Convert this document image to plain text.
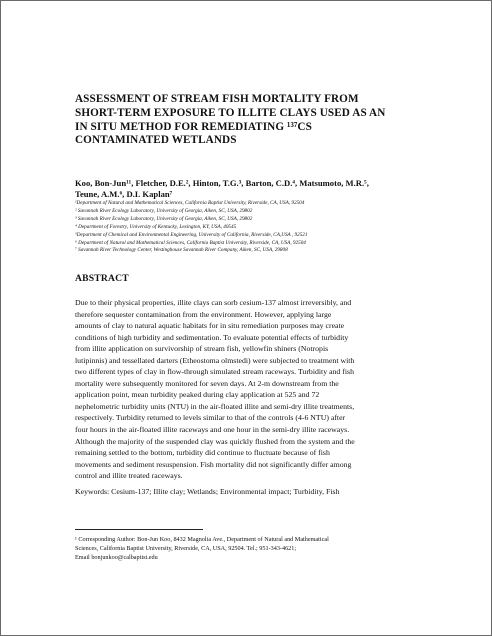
ASSESSMENT OF STREAM FISH MORTALITY FROM
SHORT-TERM EXPOSURE TO ILLITE CLAYS USED AS AN
IN SITU METHOD FOR REMEDIATING ¹³⁷CS
CONTAMINATED WETLANDS
Koo, Bon-Jun¹¹, Fletcher, D.E.², Hinton, T.G.³, Barton, C.D.⁴, Matsumoto, M.R.⁵,
Teune, A.M.⁶, D.I. Kaplan⁷
¹Department of Natural and Mathematical Sciences, California Baptist University, Riverside, CA, USA, 92504
² Savannah River Ecology Laboratory, University of Georgia, Aiken, SC, USA, 29802
³ Savannah River Ecology Laboratory, University of Georgia, Aiken, SC, USA, 29802
⁴ Department of Forestry, University of Kentucky, Lexington, KY, USA, 40545
⁵Department of Chemical and Environmental Engineering, University of California, Riverside, CA,USA , 92521
⁶ Department of Natural and Mathematical Sciences, California Baptist University, Riverside, CA, USA, 92504
⁷ Savannah River Technology Center, Westinghouse Savannah River Company, Aiken, SC, USA, 29808
ABSTRACT
Due to their physical properties, illite clays can sorb cesium-137 almost irreversibly, and
therefore sequester contamination from the environment. However, applying large
amounts of clay to natural aquatic habitats for in situ remediation purposes may create
conditions of high turbidity and sedimentation. To evaluate potential effects of turbidity
from illite application on survivorship of stream fish, yellowfin shiners (Notropis
lutipinnis) and tessellated darters (Etheostoma olmstedi) were subjected to treatment with
two different types of clay in flow-through simulated stream raceways. Turbidity and fish
mortality were subsequently monitored for seven days. At 2-m downstream from the
application point, mean turbidity peaked during clay application at 525 and 72
nephelometric turbidity units (NTU) in the air-floated illite and semi-dry illite treatments,
respectively. Turbidity returned to levels similar to that of the controls (4-6 NTU) after
four hours in the air-floated illite raceways and one hour in the semi-dry illite raceways.
Although the majority of the suspended clay was quickly flushed from the system and the
remaining settled to the bottom, turbidity did continue to fluctuate because of fish
movements and sediment resuspension. Fish mortality did not significantly differ among
control and illite treated raceways.
Keywords: Cesium-137; Illite clay; Wetlands; Environmental impact; Turbidity, Fish
¹ Corresponding Author: Bon-Jun Koo, 8432 Magnolia Ave., Department of Natural and Mathematical
Sciences, California Baptist University, Riverside, CA, USA, 92504. Tel.; 951-343-4621;
Email bonjunkoo@calbaptist.edu
